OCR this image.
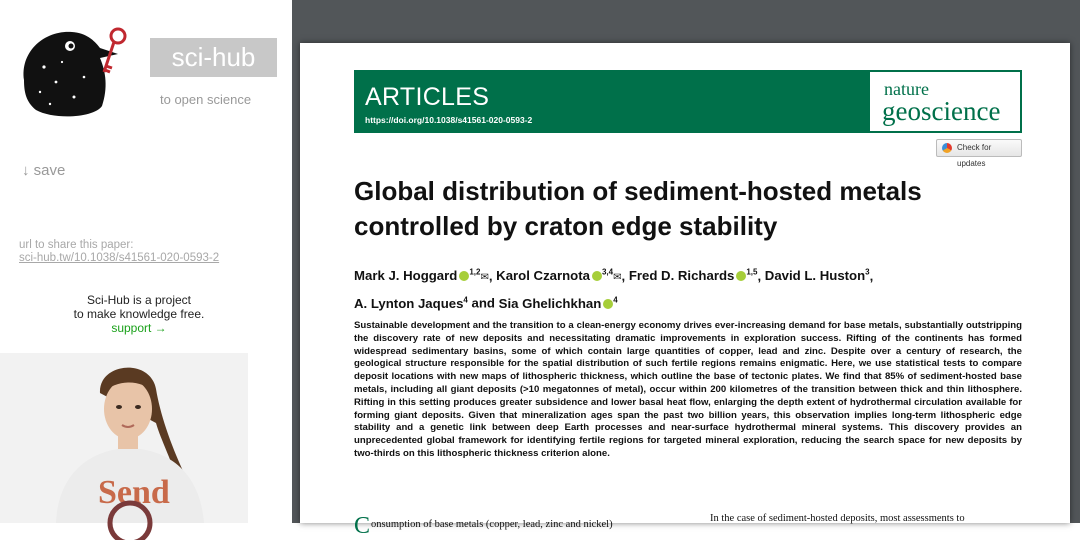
sci-hub
to open science
↓ save
url to share this paper:
sci-hub.tw/10.1038/s41561-020-0593-2
Sci-Hub is a project
to make knowledge free.
support →
Send
ARTICLES
https://doi.org/10.1038/s41561-020-0593-2
nature
geoscience
Check for updates
Global distribution of sediment-hosted metals controlled by craton edge stability
Mark J. Hoggard $^{1,2}$✉, Karol Czarnota $^{3,4}$✉, Fred D. Richards $^{1,5}$, David L. Huston$^3$,
A. Lynton Jaques$^4$ and Sia Ghelichkhan $^4$
Sustainable development and the transition to a clean-energy economy drives ever-increasing demand for base metals, substantially outstripping the discovery rate of new deposits and necessitating dramatic improvements in exploration success. Rifting of the continents has formed widespread sedimentary basins, some of which contain large quantities of copper, lead and zinc. Despite over a century of research, the geological structure responsible for the spatial distribution of such fertile regions remains enigmatic. Here, we use statistical tests to compare deposit locations with new maps of lithospheric thickness, which outline the base of tectonic plates. We find that 85% of sediment-hosted base metals, including all giant deposits (>10 megatonnes of metal), occur within 200 kilometres of the transition between thick and thin lithosphere. Rifting in this setting produces greater subsidence and lower basal heat flow, enlarging the depth extent of hydrothermal circulation available for forming giant deposits. Given that mineralization ages span the past two billion years, this observation implies long-term lithospheric edge stability and a genetic link between deep Earth processes and near-surface hydrothermal mineral systems. This discovery provides an unprecedented global framework for identifying fertile regions for targeted mineral exploration, reducing the search space for new deposits by two-thirds on this lithospheric thickness criterion alone.
Consumption of base metals (copper, lead, zinc and nickel)
In the case of sediment-hosted deposits, most assessments to
